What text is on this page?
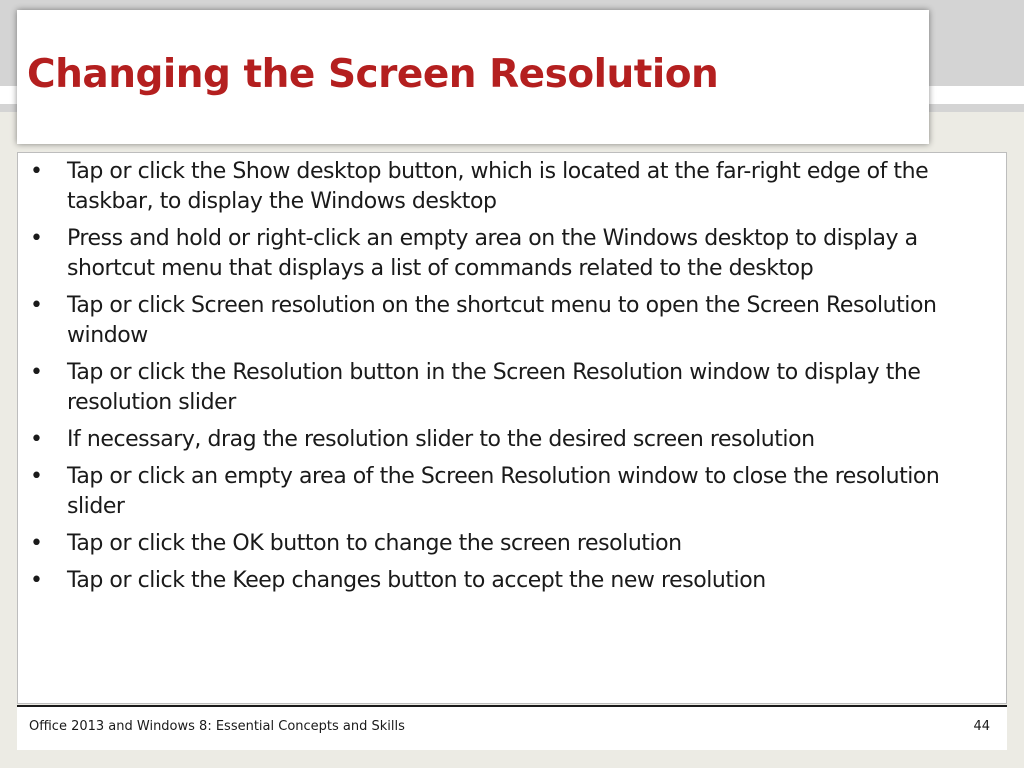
Changing the Screen Resolution
• Tap or click the Show desktop button, which is located at the far-right edge of the taskbar, to display the Windows desktop
• Press and hold or right-click an empty area on the Windows desktop to display a shortcut menu that displays a list of commands related to the desktop
• Tap or click Screen resolution on the shortcut menu to open the Screen Resolution window
• Tap or click the Resolution button in the Screen Resolution window to display the resolution slider
• If necessary, drag the resolution slider to the desired screen resolution
• Tap or click an empty area of the Screen Resolution window to close the resolution slider
• Tap or click the OK button to change the screen resolution
• Tap or click the Keep changes button to accept the new resolution
Office 2013 and Windows 8: Essential Concepts and Skills	44
